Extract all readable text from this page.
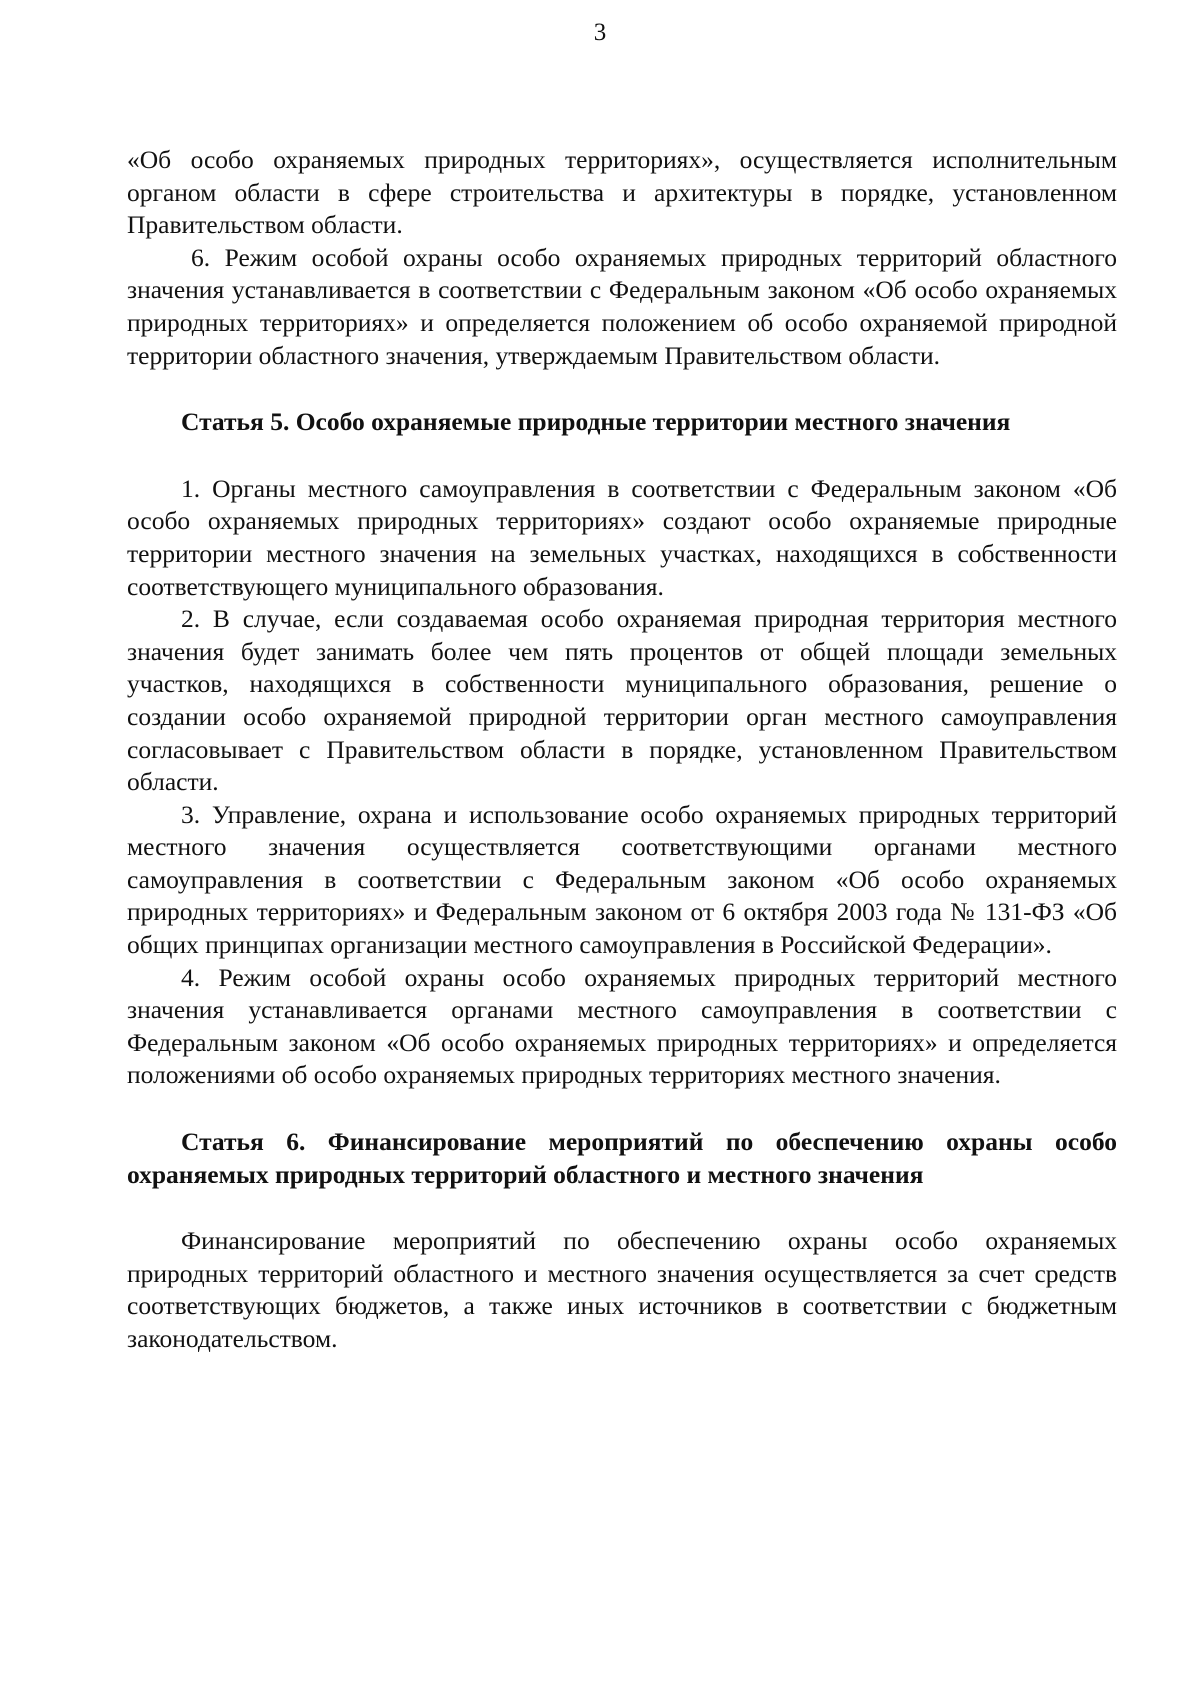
3

«Об особо охраняемых природных территориях», осуществляется исполнительным органом области в сфере строительства и архитектуры в порядке, установленном Правительством области.

6. Режим особой охраны особо охраняемых природных территорий областного значения устанавливается в соответствии с Федеральным законом «Об особо охраняемых природных территориях» и определяется положением об особо охраняемой природной территории областного значения, утверждаемым Правительством области.

Статья 5. Особо охраняемые природные территории местного значения

1. Органы местного самоуправления в соответствии с Федеральным законом «Об особо охраняемых природных территориях» создают особо охраняемые природные территории местного значения на земельных участках, находящихся в собственности соответствующего муниципального образования.

2. В случае, если создаваемая особо охраняемая природная территория местного значения будет занимать более чем пять процентов от общей площади земельных участков, находящихся в собственности муниципального образования, решение о создании особо охраняемой природной территории орган местного самоуправления согласовывает с Правительством области в порядке, установленном Правительством области.

3. Управление, охрана и использование особо охраняемых природных территорий местного значения осуществляется соответствующими органами местного самоуправления в соответствии с Федеральным законом «Об особо охраняемых природных территориях» и Федеральным законом от 6 октября 2003 года № 131-ФЗ «Об общих принципах организации местного самоуправления в Российской Федерации».

4. Режим особой охраны особо охраняемых природных территорий местного значения устанавливается органами местного самоуправления в соответствии с Федеральным законом «Об особо охраняемых природных территориях» и определяется положениями об особо охраняемых природных территориях местного значения.

Статья 6. Финансирование мероприятий по обеспечению охраны особо охраняемых природных территорий областного и местного значения

Финансирование мероприятий по обеспечению охраны особо охраняемых природных территорий областного и местного значения осуществляется за счет средств соответствующих бюджетов, а также иных источников в соответствии с бюджетным законодательством.
